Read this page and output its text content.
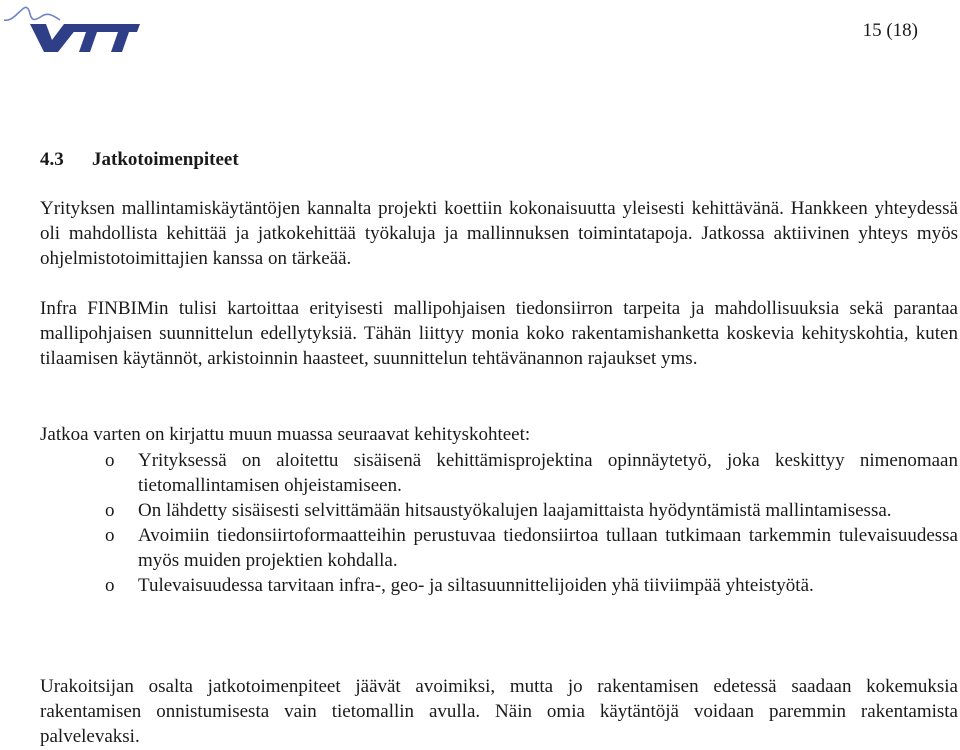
15 (18)
4.3 Jatkotoimenpiteet

Yrityksen mallintamiskäytäntöjen kannalta projekti koettiin kokonaisuutta yleisesti kehittävänä. Hankkeen yhteydessä oli mahdollista kehittää ja jatkokehittää työkaluja ja mallinnuksen toimintatapoja. Jatkossa aktiivinen yhteys myös ohjelmistotoimittajien kanssa on tärkeää.

Infra FINBIMin tulisi kartoittaa erityisesti mallipohjaisen tiedonsiirron tarpeita ja mahdollisuuksia sekä parantaa mallipohjaisen suunnittelun edellytyksiä. Tähän liittyy monia koko rakentamishanketta koskevia kehityskohtia, kuten tilaamisen käytännöt, arkistoinnin haasteet, suunnittelun tehtävänannon rajaukset yms.

Jatkoa varten on kirjattu muun muassa seuraavat kehityskohteet:

o	Yrityksessä on aloitettu sisäisenä kehittämisprojektina opinnäytetyö, joka keskittyy nimenomaan tietomallintamisen ohjeistamiseen.
o	On lähdetty sisäisesti selvittämään hitsaustyökalujen laajamittaista hyödyntämistä mallintamisessa.
o	Avoimiin tiedonsiirtoformaatteihin perustuvaa tiedonsiirtoa tullaan tutkimaan tarkemmin tulevaisuudessa myös muiden projektien kohdalla.
o	Tulevaisuudessa tarvitaan infra-, geo- ja siltasuunnittelijoiden yhä tiiviimpää yhteistyötä.

Urakoitsijan osalta jatkotoimenpiteet jäävät avoimiksi, mutta jo rakentamisen edetessä saadaan kokemuksia rakentamisen onnistumisesta vain tietomallin avulla. Näin omia käytäntöjä voidaan paremmin rakentamista palvelevaksi.
